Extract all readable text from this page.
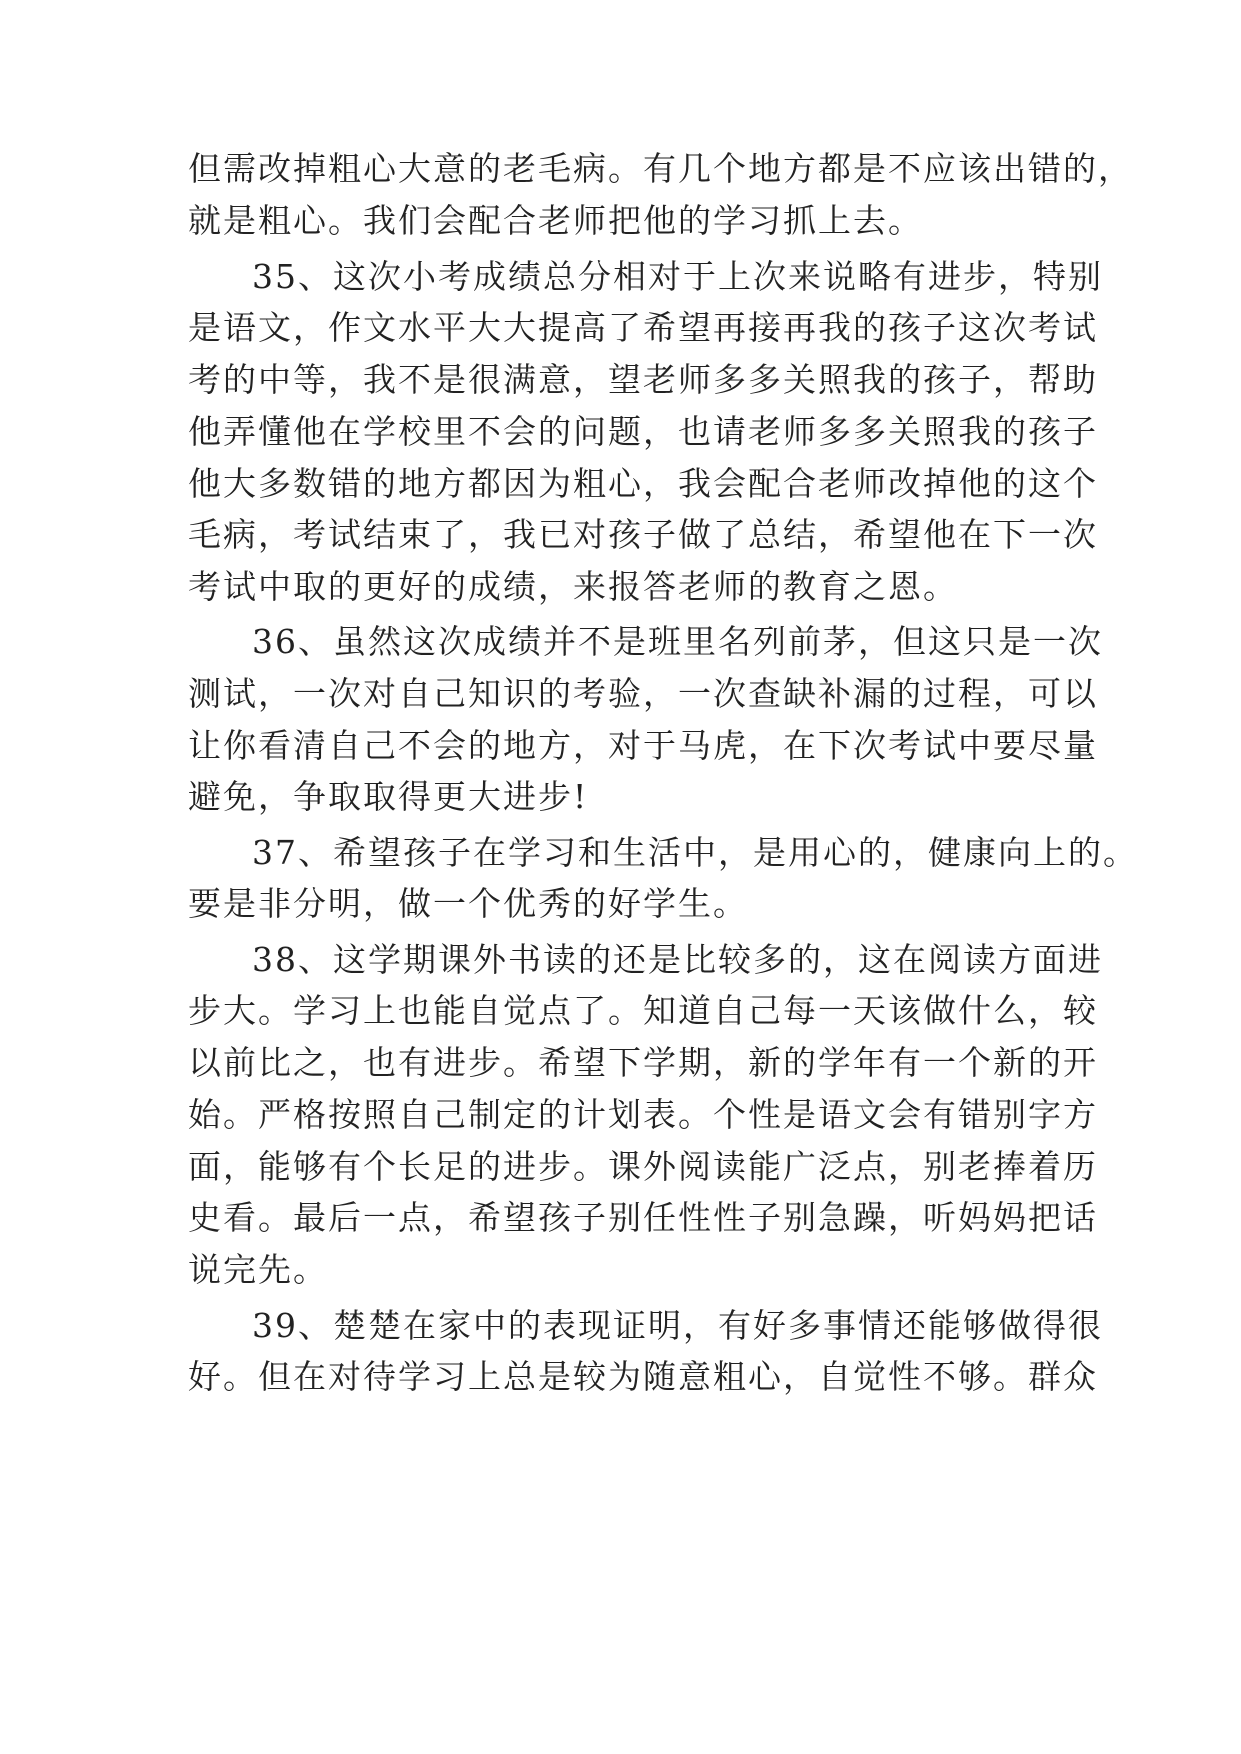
但需改掉粗心大意的老毛病。有几个地方都是不应该出错的，
就是粗心。我们会配合老师把他的学习抓上去。
35、这次小考成绩总分相对于上次来说略有进步，特别
是语文，作文水平大大提高了希望再接再我的孩子这次考试
考的中等，我不是很满意，望老师多多关照我的孩子，帮助
他弄懂他在学校里不会的问题，也请老师多多关照我的孩子
他大多数错的地方都因为粗心，我会配合老师改掉他的这个
毛病，考试结束了，我已对孩子做了总结，希望他在下一次
考试中取的更好的成绩，来报答老师的教育之恩。
36、虽然这次成绩并不是班里名列前茅，但这只是一次
测试，一次对自己知识的考验，一次查缺补漏的过程，可以
让你看清自己不会的地方，对于马虎，在下次考试中要尽量
避免，争取取得更大进步!
37、希望孩子在学习和生活中，是用心的，健康向上的。
要是非分明，做一个优秀的好学生。
38、这学期课外书读的还是比较多的，这在阅读方面进
步大。学习上也能自觉点了。知道自己每一天该做什么，较
以前比之，也有进步。希望下学期，新的学年有一个新的开
始。严格按照自己制定的计划表。个性是语文会有错别字方
面，能够有个长足的进步。课外阅读能广泛点，别老捧着历
史看。最后一点，希望孩子别任性性子别急躁，听妈妈把话
说完先。
39、楚楚在家中的表现证明，有好多事情还能够做得很
好。但在对待学习上总是较为随意粗心，自觉性不够。群众
